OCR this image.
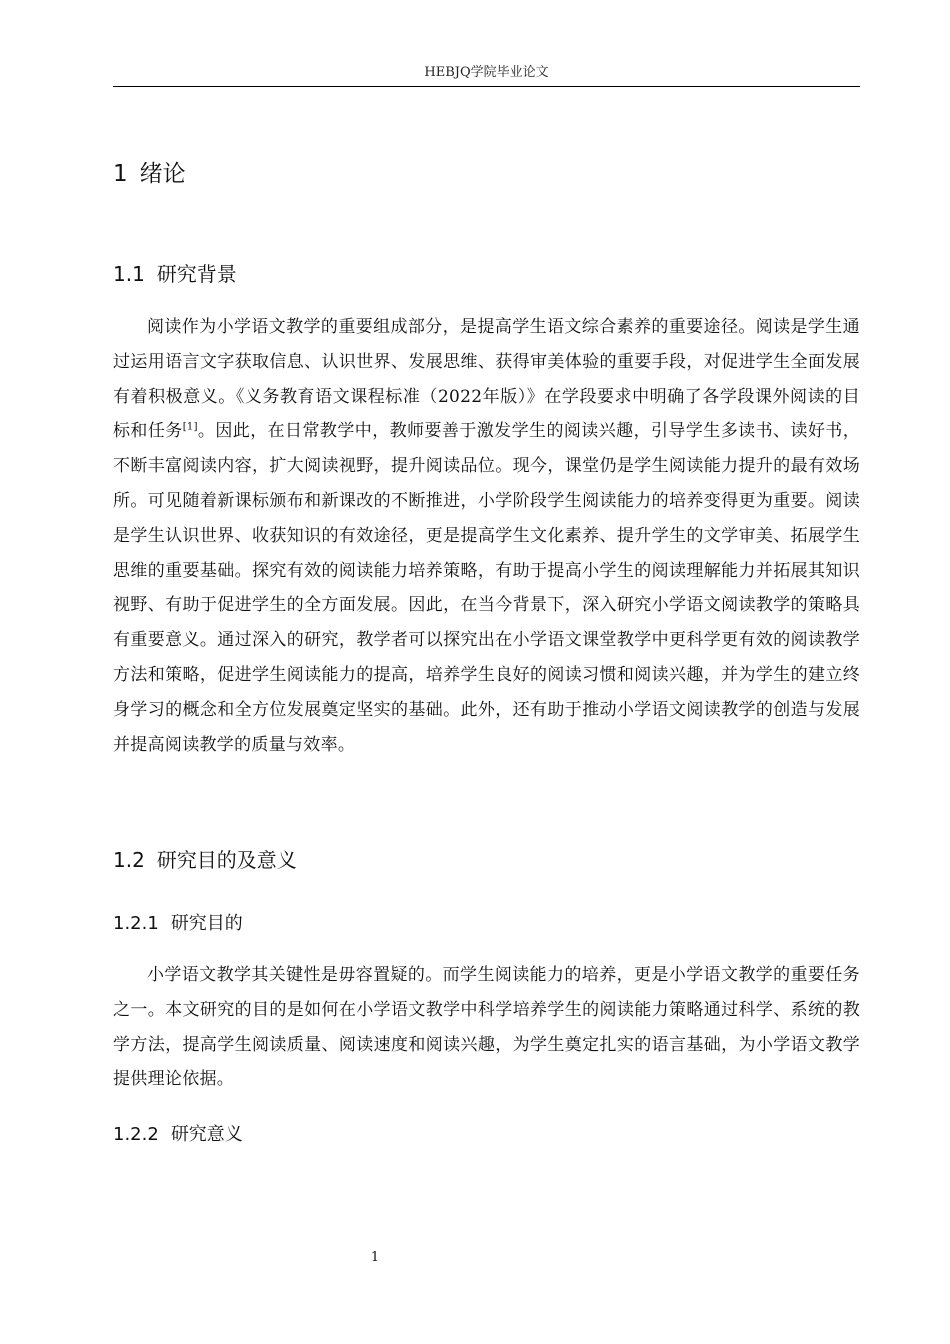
HEBJQ学院毕业论文
1 绪论
1.1 研究背景

阅读作为小学语文教学的重要组成部分，是提高学生语文综合素养的重要途径。阅读是学生通过运用语言文字获取信息、认识世界、发展思维、获得审美体验的重要手段，对促进学生全面发展有着积极意义。《义务教育语文课程标准（2022年版）》在学段要求中明确了各学段课外阅读的目标和任务[1]。因此，在日常教学中，教师要善于激发学生的阅读兴趣，引导学生多读书、读好书，不断丰富阅读内容，扩大阅读视野，提升阅读品位。现今，课堂仍是学生阅读能力提升的最有效场所。可见随着新课标颁布和新课改的不断推进，小学阶段学生阅读能力的培养变得更为重要。阅读是学生认识世界、收获知识的有效途径，更是提高学生文化素养、提升学生的文学审美、拓展学生思维的重要基础。探究有效的阅读能力培养策略，有助于提高小学生的阅读理解能力并拓展其知识视野、有助于促进学生的全方面发展。因此，在当今背景下，深入研究小学语文阅读教学的策略具有重要意义。通过深入的研究，教学者可以探究出在小学语文课堂教学中更科学更有效的阅读教学方法和策略，促进学生阅读能力的提高，培养学生良好的阅读习惯和阅读兴趣，并为学生的建立终身学习的概念和全方位发展奠定坚实的基础。此外，还有助于推动小学语文阅读教学的创造与发展并提高阅读教学的质量与效率。

1.2 研究目的及意义
1.2.1 研究目的

小学语文教学其关键性是毋容置疑的。而学生阅读能力的培养，更是小学语文教学的重要任务之一。本文研究的目的是如何在小学语文教学中科学培养学生的阅读能力策略通过科学、系统的教学方法，提高学生阅读质量、阅读速度和阅读兴趣，为学生奠定扎实的语言基础，为小学语文教学提供理论依据。

1.2.2 研究意义
1
